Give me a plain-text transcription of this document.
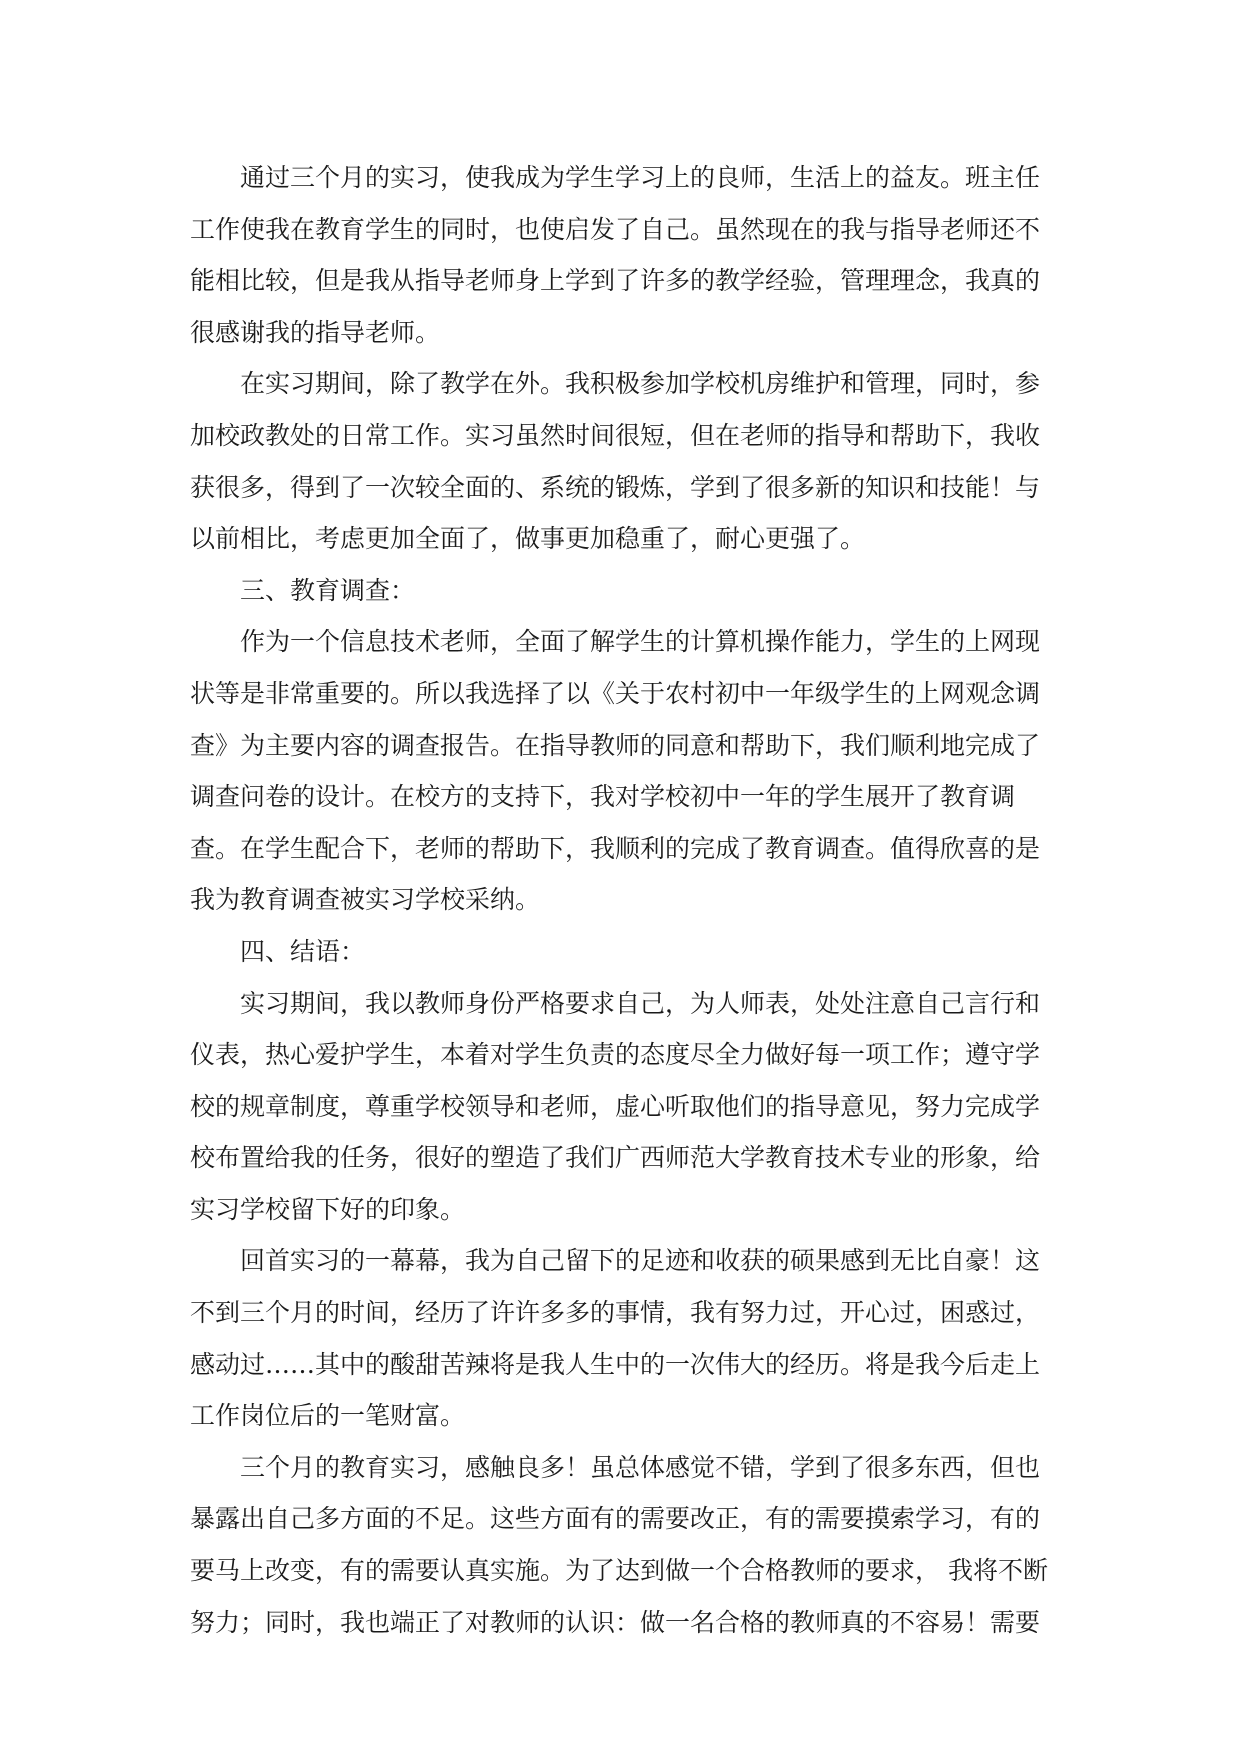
通过三个月的实习，使我成为学生学习上的良师，生活上的益友。班主任
工作使我在教育学生的同时，也使启发了自己。虽然现在的我与指导老师还不
能相比较，但是我从指导老师身上学到了许多的教学经验，管理理念，我真的
很感谢我的指导老师。
在实习期间，除了教学在外。我积极参加学校机房维护和管理，同时，参
加校政教处的日常工作。实习虽然时间很短，但在老师的指导和帮助下，我收
获很多，得到了一次较全面的、系统的锻炼，学到了很多新的知识和技能！与
以前相比，考虑更加全面了，做事更加稳重了，耐心更强了。
三、教育调查：
作为一个信息技术老师，全面了解学生的计算机操作能力，学生的上网现
状等是非常重要的。所以我选择了以《关于农村初中一年级学生的上网观念调
查》为主要内容的调查报告。在指导教师的同意和帮助下，我们顺利地完成了
调查问卷的设计。在校方的支持下，我对学校初中一年的学生展开了教育调
查。在学生配合下，老师的帮助下，我顺利的完成了教育调查。值得欣喜的是
我为教育调查被实习学校采纳。
四、结语：
实习期间，我以教师身份严格要求自己，为人师表，处处注意自己言行和
仪表，热心爱护学生，本着对学生负责的态度尽全力做好每一项工作；遵守学
校的规章制度，尊重学校领导和老师，虚心听取他们的指导意见，努力完成学
校布置给我的任务，很好的塑造了我们广西师范大学教育技术专业的形象，给
实习学校留下好的印象。
回首实习的一幕幕，我为自己留下的足迹和收获的硕果感到无比自豪！这
不到三个月的时间，经历了许许多多的事情，我有努力过，开心过，困惑过，
感动过……其中的酸甜苦辣将是我人生中的一次伟大的经历。将是我今后走上
工作岗位后的一笔财富。
三个月的教育实习，感触良多！虽总体感觉不错，学到了很多东西，但也
暴露出自己多方面的不足。这些方面有的需要改正，有的需要摸索学习，有的
要马上改变，有的需要认真实施。为了达到做一个合格教师的要求， 我将不断
努力；同时，我也端正了对教师的认识：做一名合格的教师真的不容易！需要
